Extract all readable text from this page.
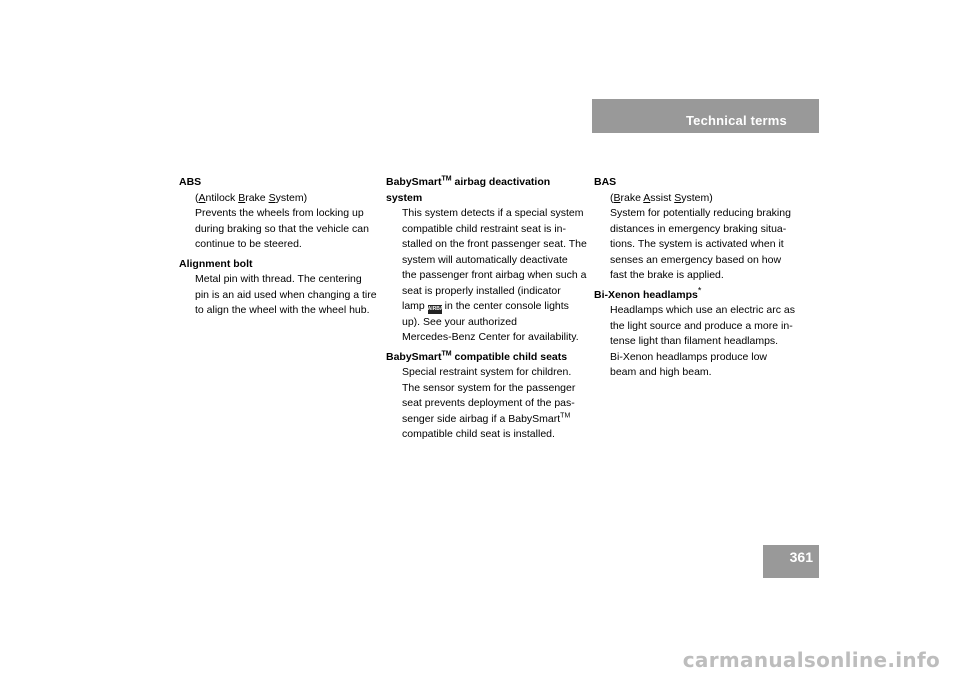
Technical terms
ABS
(Antilock Brake System)
Prevents the wheels from locking up
during braking so that the vehicle can
continue to be steered.
Alignment bolt
Metal pin with thread. The centering
pin is an aid used when changing a tire
to align the wheel with the wheel hub.
BabySmart™ airbag deactivation
system
This system detects if a special system
compatible child restraint seat is in-
stalled on the front passenger seat. The
system will automatically deactivate
the passenger front airbag when such a
seat is properly installed (indicator
lamp AIRBAG in the center console lights
up). See your authorized
Mercedes-Benz Center for availability.
BabySmart™ compatible child seats
Special restraint system for children.
The sensor system for the passenger
seat prevents deployment of the pas-
senger side airbag if a BabySmart™
compatible child seat is installed.
BAS
(Brake Assist System)
System for potentially reducing braking
distances in emergency braking situa-
tions. The system is activated when it
senses an emergency based on how
fast the brake is applied.
Bi-Xenon headlamps*
Headlamps which use an electric arc as
the light source and produce a more in-
tense light than filament headlamps.
Bi-Xenon headlamps produce low
beam and high beam.
361
carmanualsonline.info
